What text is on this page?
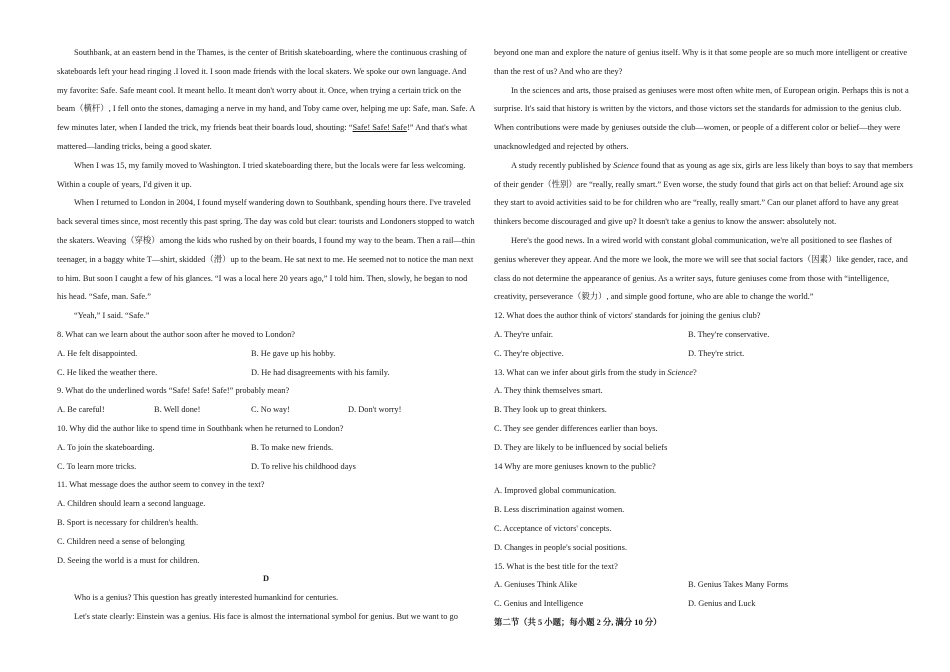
Southbank, at an eastern bend in the Thames, is the center of British skateboarding, where the continuous crashing of skateboards left your head ringing .I loved it. I soon made friends with the local skaters. We spoke our own language. And my favorite: Safe. Safe meant cool. It meant hello. It meant don't worry about it. Once, when trying a certain trick on the beam（横杆）, I fell onto the stones, damaging a nerve in my hand, and Toby came over, helping me up: Safe, man. Safe. A few minutes later, when I landed the trick, my friends beat their boards loud, shouting: “Safe! Safe! Safe!” And that's what mattered—landing tricks, being a good skater.

When I was 15, my family moved to Washington. I tried skateboarding there, but the locals were far less welcoming. Within a couple of years, I'd given it up.

When I returned to London in 2004, I found myself wandering down to Southbank, spending hours there. I've traveled back several times since, most recently this past spring. The day was cold but clear: tourists and Londoners stopped to watch the skaters. Weaving（穿梭）among the kids who rushed by on their boards, I found my way to the beam. Then a rail—thin teenager, in a baggy white T—shirt, skidded（滑）up to the beam. He sat next to me. He seemed not to notice the man next to him. But soon I caught a few of his glances. “I was a local here 20 years ago,” I told him. Then, slowly, he began to nod his head. “Safe, man. Safe.”

“Yeah,” I said. “Safe.”

8. What can we learn about the author soon after he moved to London?

A. He felt disappointed.	B. He gave up his hobby.
C. He liked the weather there.	D. He had disagreements with his family.

9. What do the underlined words “Safe! Safe! Safe!” probably mean?

A. Be careful!	B. Well done!	C. No way!	D. Don't worry!

10. Why did the author like to spend time in Southbank when he returned to London?

A. To join the skateboarding.	B. To make new friends.
C. To learn more tricks.	D. To relive his childhood days

11. What message does the author seem to convey in the text?

A. Children should learn a second language.

B. Sport is necessary for children's health.

C. Children need a sense of belonging

D. Seeing the world is a must for children.

D

Who is a genius? This question has greatly interested humankind for centuries.

Let's state clearly: Einstein was a genius. His face is almost the international symbol for genius. But we want to go

beyond one man and explore the nature of genius itself. Why is it that some people are so much more intelligent or creative than the rest of us? And who are they?

In the sciences and arts, those praised as geniuses were most often white men, of European origin. Perhaps this is not a surprise. It's said that history is written by the victors, and those victors set the standards for admission to the genius club. When contributions were made by geniuses outside the club—women, or people of a different color or belief—they were unacknowledged and rejected by others.

A study recently published by Science found that as young as age six, girls are less likely than boys to say that members of their gender（性别）are “really, really smart.” Even worse, the study found that girls act on that belief: Around age six they start to avoid activities said to be for children who are “really, really smart.” Can our planet afford to have any great thinkers become discouraged and give up? It doesn't take a genius to know the answer: absolutely not.

Here's the good news. In a wired world with constant global communication, we're all positioned to see flashes of genius wherever they appear. And the more we look, the more we will see that social factors（因素）like gender, race, and class do not determine the appearance of genius. As a writer says, future geniuses come from those with “intelligence, creativity, perseverance（毅力）, and simple good fortune, who are able to change the world.”

12. What does the author think of victors' standards for joining the genius club?

A. They're unfair.	B. They're conservative.
C. They're objective.	D. They're strict.

13. What can we infer about girls from the study in Science?

A. They think themselves smart.

B. They look up to great thinkers.

C. They see gender differences earlier than boys.

D. They are likely to be influenced by social beliefs

14 Why are more geniuses known to the public?

A. Improved global communication.

B. Less discrimination against women.

C. Acceptance of victors' concepts.

D. Changes in people's social positions.

15. What is the best title for the text?

A. Geniuses Think Alike	B. Genius Takes Many Forms
C. Genius and Intelligence	D. Genius and Luck

第二节（共 5 小题；每小题 2 分, 满分 10 分）
